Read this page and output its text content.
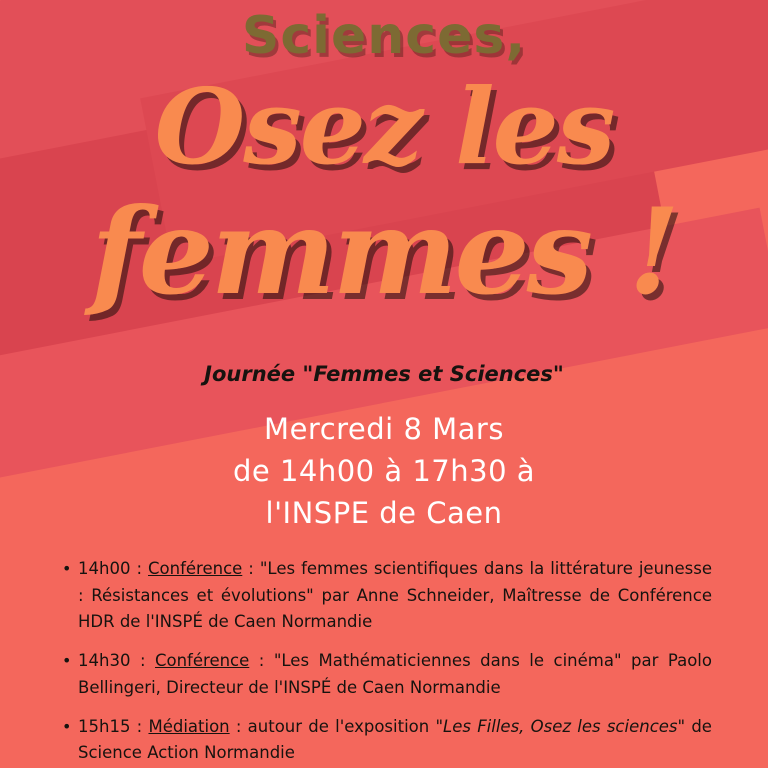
Sciences,
Osez les
femmes !
Journée "Femmes et Sciences"
Mercredi 8 Mars
de 14h00 à 17h30 à
l'INSPE de Caen
• 14h00 : Conférence : "Les femmes scientifiques dans la littérature jeunesse : Résistances et évolutions" par Anne Schneider, Maîtresse de Conférence HDR de l'INSPÉ de Caen Normandie
• 14h30 : Conférence : "Les Mathématiciennes dans le cinéma" par Paolo Bellingeri, Directeur de l'INSPÉ de Caen Normandie
• 15h15 : Médiation : autour de l'exposition "Les Filles, Osez les sciences" de Science Action Normandie
